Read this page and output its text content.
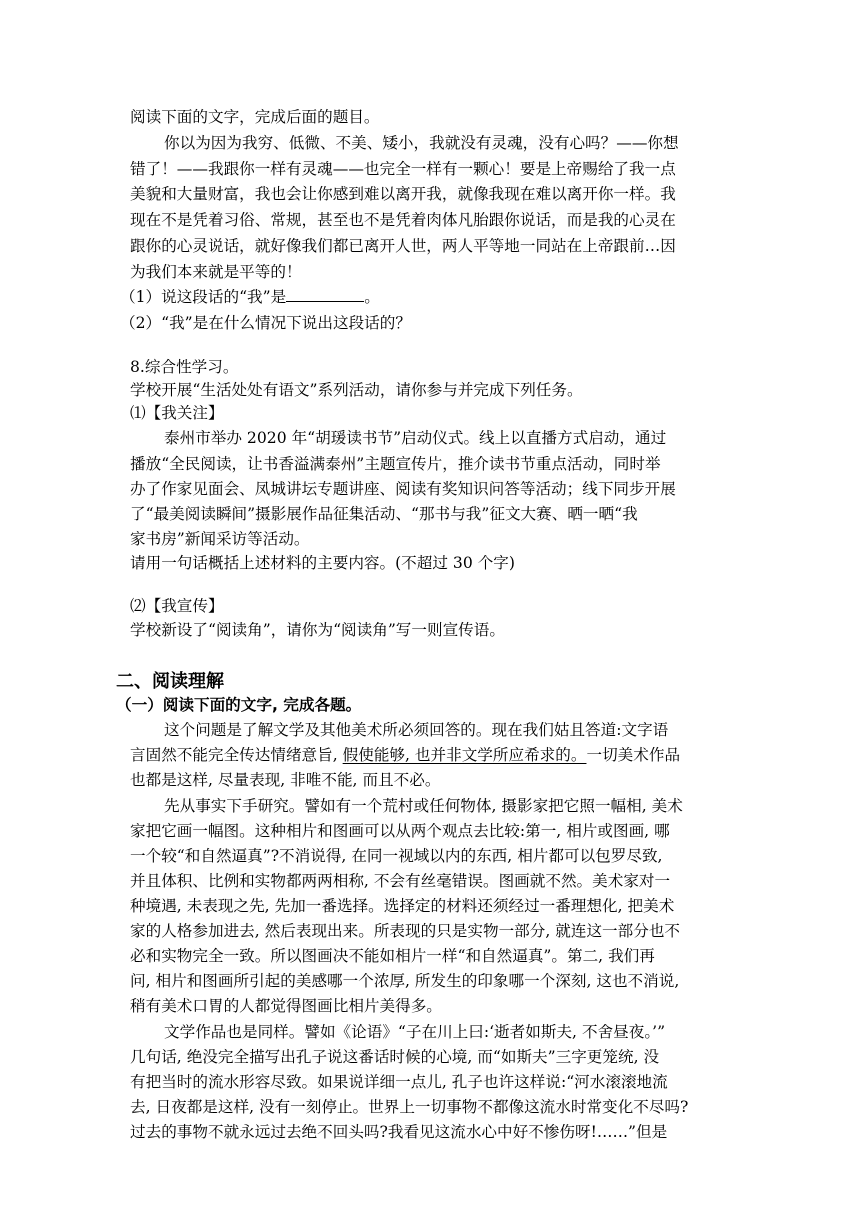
阅读下面的文字，完成后面的题目。
你以为因为我穷、低微、不美、矮小，我就没有灵魂，没有心吗？——你想
错了！——我跟你一样有灵魂——也完全一样有一颗心！要是上帝赐给了我一点
美貌和大量财富，我也会让你感到难以离开我，就像我现在难以离开你一样。我
现在不是凭着习俗、常规，甚至也不是凭着肉体凡胎跟你说话，而是我的心灵在
跟你的心灵说话，就好像我们都已离开人世，两人平等地一同站在上帝跟前…因
为我们本来就是平等的！
（1）说这段话的“我”是	。
（2）“我”是在什么情况下说出这段话的？
8.综合性学习。
学校开展“生活处处有语文”系列活动，请你参与并完成下列任务。
⑴【我关注】
泰州市举办 2020 年“胡瑗读书节”启动仪式。线上以直播方式启动，通过
播放“全民阅读，让书香溢满泰州”主题宣传片，推介读书节重点活动，同时举
办了作家见面会、凤城讲坛专题讲座、阅读有奖知识问答等活动；线下同步开展
了“最美阅读瞬间”摄影展作品征集活动、“那书与我”征文大赛、晒一晒“我
家书房”新闻采访等活动。
请用一句话概括上述材料的主要内容。(不超过 30 个字)
⑵【我宣传】
学校新设了“阅读角”，请你为“阅读角”写一则宣传语。
二、阅读理解
（一）阅读下面的文字, 完成各题。
这个问题是了解文学及其他美术所必须回答的。现在我们姑且答道:文字语
言固然不能完全传达情绪意旨, 假使能够, 也并非文学所应希求的。一切美术作品
也都是这样, 尽量表现, 非唯不能, 而且不必。
先从事实下手研究。譬如有一个荒村或任何物体, 摄影家把它照一幅相, 美术
家把它画一幅图。这种相片和图画可以从两个观点去比较:第一, 相片或图画, 哪
一个较“和自然逼真”?不消说得, 在同一视域以内的东西, 相片都可以包罗尽致,
并且体积、比例和实物都两两相称, 不会有丝毫错误。图画就不然。美术家对一
种境遇, 未表现之先, 先加一番选择。选择定的材料还须经过一番理想化, 把美术
家的人格参加进去, 然后表现出来。所表现的只是实物一部分, 就连这一部分也不
必和实物完全一致。所以图画决不能如相片一样“和自然逼真”。第二, 我们再
问, 相片和图画所引起的美感哪一个浓厚, 所发生的印象哪一个深刻, 这也不消说,
稍有美术口胃的人都觉得图画比相片美得多。
文学作品也是同样。譬如《论语》“子在川上曰:‘逝者如斯夫, 不舍昼夜。’”
几句话, 绝没完全描写出孔子说这番话时候的心境, 而“如斯夫”三字更笼统, 没
有把当时的流水形容尽致。如果说详细一点儿, 孔子也许这样说:“河水滚滚地流
去, 日夜都是这样, 没有一刻停止。世界上一切事物不都像这流水时常变化不尽吗?
过去的事物不就永远过去绝不回头吗?我看见这流水心中好不惨伤呀!……”但是
